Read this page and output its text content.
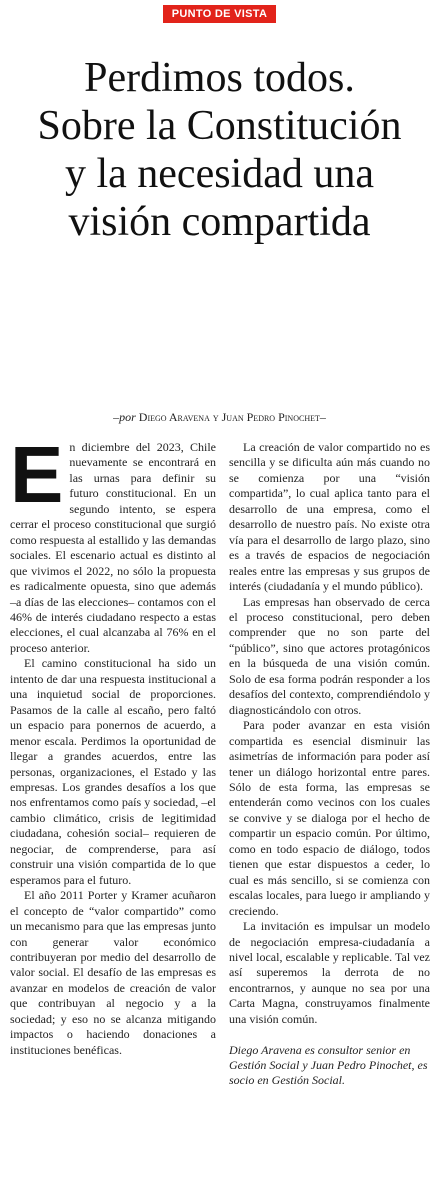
PUNTO DE VISTA
Perdimos todos.
Sobre la Constitución
y la necesidad una
visión compartida
–por Diego Aravena y Juan Pedro Pinochet–

En diciembre del 2023, Chile nuevamente se encontrará en las urnas para definir su futuro constitucional. En un segundo intento, se espera cerrar el proceso constitucional que surgió como respuesta al estallido y las demandas sociales. El escenario actual es distinto al que vivimos el 2022, no sólo la propuesta es radicalmente opuesta, sino que además –a días de las elecciones– contamos con el 46% de interés ciudadano respecto a estas elecciones, el cual alcanzaba al 76% en el proceso anterior.

El camino constitucional ha sido un intento de dar una respuesta institucional a una inquietud social de proporciones. Pasamos de la calle al escaño, pero faltó un espacio para ponernos de acuerdo, a menor escala. Perdimos la oportunidad de llegar a grandes acuerdos, entre las personas, organizaciones, el Estado y las empresas. Los grandes desafíos a los que nos enfrentamos como país y sociedad, –el cambio climático, crisis de legitimidad ciudadana, cohesión social– requieren de negociar, de comprenderse, para así construir una visión compartida de lo que esperamos para el futuro.

El año 2011 Porter y Kramer acuñaron el concepto de “valor compartido” como un mecanismo para que las empresas junto con generar valor económico contribuyeran por medio del desarrollo de valor social. El desafío de las empresas es avanzar en modelos de creación de valor que contribuyan al negocio y a la sociedad; y eso no se alcanza mitigando impactos o haciendo donaciones a instituciones benéficas.

La creación de valor compartido no es sencilla y se dificulta aún más cuando no se comienza por una “visión compartida”, lo cual aplica tanto para el desarrollo de una empresa, como el desarrollo de nuestro país. No existe otra vía para el desarrollo de largo plazo, sino es a través de espacios de negociación reales entre las empresas y sus grupos de interés (ciudadanía y el mundo público).

Las empresas han observado de cerca el proceso constitucional, pero deben comprender que no son parte del “público”, sino que actores protagónicos en la búsqueda de una visión común. Solo de esa forma podrán responder a los desafíos del contexto, comprendiéndolo y diagnosticándolo con otros.

Para poder avanzar en esta visión compartida es esencial disminuir las asimetrías de información para poder así tener un diálogo horizontal entre pares. Sólo de esta forma, las empresas se entenderán como vecinos con los cuales se convive y se dialoga por el hecho de compartir un espacio común. Por último, como en todo espacio de diálogo, todos tienen que estar dispuestos a ceder, lo cual es más sencillo, si se comienza con escalas locales, para luego ir ampliando y creciendo.

La invitación es impulsar un modelo de negociación empresa-ciudadanía a nivel local, escalable y replicable. Tal vez así superemos la derrota de no encontrarnos, y aunque no sea por una Carta Magna, construyamos finalmente una visión común.

Diego Aravena es consultor senior en Gestión Social y Juan Pedro Pinochet, es socio en Gestión Social.
